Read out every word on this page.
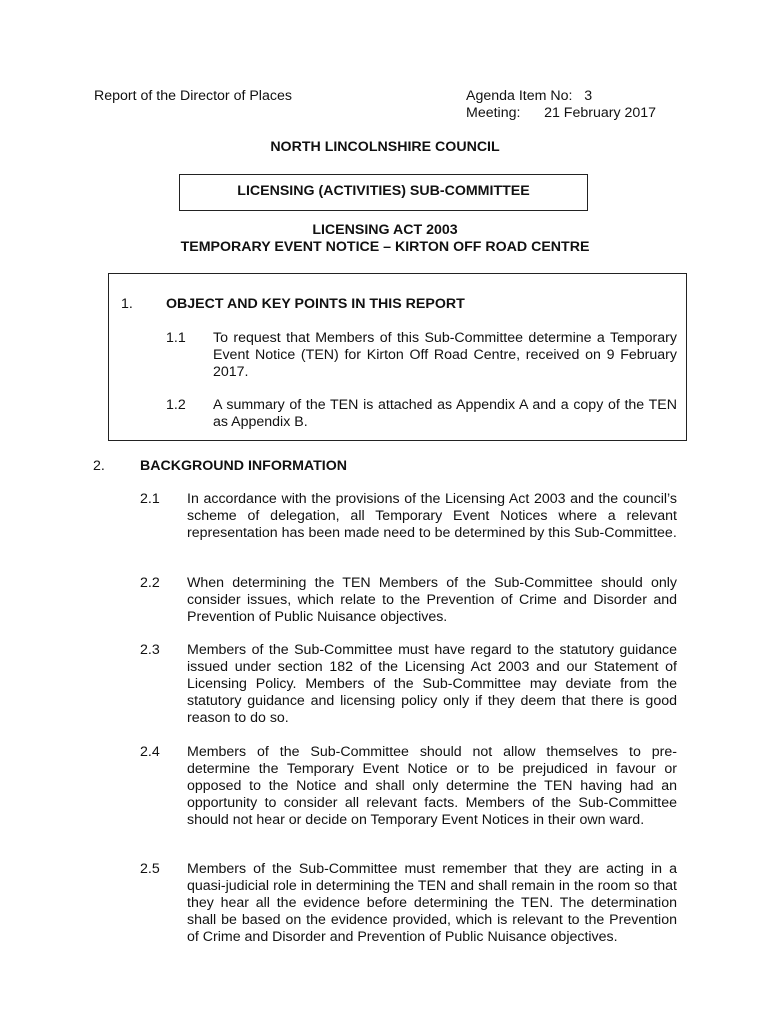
Report of the Director of Places	Agenda Item No:   3
Meeting:      21 February 2017
NORTH LINCOLNSHIRE COUNCIL
LICENSING (ACTIVITIES) SUB-COMMITTEE
LICENSING ACT 2003
TEMPORARY EVENT NOTICE – KIRTON OFF ROAD CENTRE
1. OBJECT AND KEY POINTS IN THIS REPORT
1.1 To request that Members of this Sub-Committee determine a Temporary Event Notice (TEN) for Kirton Off Road Centre, received on 9 February 2017.
1.2 A summary of the TEN is attached as Appendix A and a copy of the TEN as Appendix B.
2. BACKGROUND INFORMATION
2.1 In accordance with the provisions of the Licensing Act 2003 and the council’s scheme of delegation, all Temporary Event Notices where a relevant representation has been made need to be determined by this Sub-Committee.
2.2 When determining the TEN Members of the Sub-Committee should only consider issues, which relate to the Prevention of Crime and Disorder and Prevention of Public Nuisance objectives.
2.3 Members of the Sub-Committee must have regard to the statutory guidance issued under section 182 of the Licensing Act 2003 and our Statement of Licensing Policy. Members of the Sub-Committee may deviate from the statutory guidance and licensing policy only if they deem that there is good reason to do so.
2.4 Members of the Sub-Committee should not allow themselves to pre-determine the Temporary Event Notice or to be prejudiced in favour or opposed to the Notice and shall only determine the TEN having had an opportunity to consider all relevant facts. Members of the Sub-Committee should not hear or decide on Temporary Event Notices in their own ward.
2.5 Members of the Sub-Committee must remember that they are acting in a quasi-judicial role in determining the TEN and shall remain in the room so that they hear all the evidence before determining the TEN. The determination shall be based on the evidence provided, which is relevant to the Prevention of Crime and Disorder and Prevention of Public Nuisance objectives.
